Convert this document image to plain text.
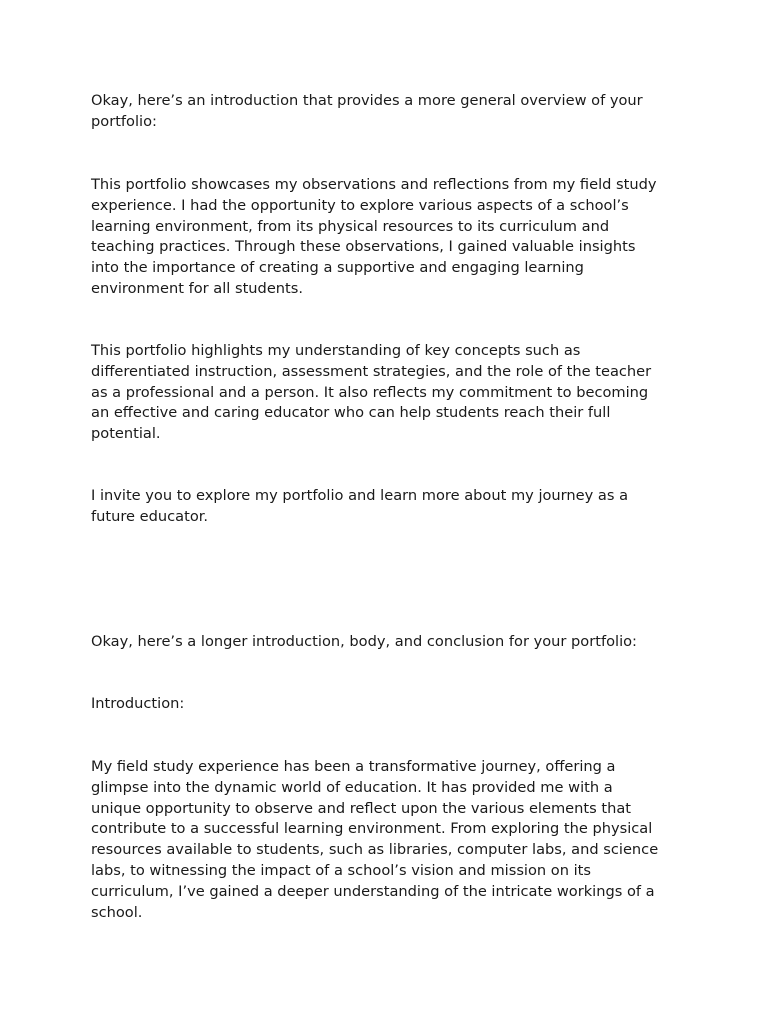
Okay, here’s an introduction that provides a more general overview of your
portfolio:

This portfolio showcases my observations and reflections from my field study
experience. I had the opportunity to explore various aspects of a school’s
learning environment, from its physical resources to its curriculum and
teaching practices. Through these observations, I gained valuable insights
into the importance of creating a supportive and engaging learning
environment for all students.

This portfolio highlights my understanding of key concepts such as
differentiated instruction, assessment strategies, and the role of the teacher
as a professional and a person. It also reflects my commitment to becoming
an effective and caring educator who can help students reach their full
potential.

I invite you to explore my portfolio and learn more about my journey as a
future educator.

Okay, here’s a longer introduction, body, and conclusion for your portfolio:

Introduction:

My field study experience has been a transformative journey, offering a
glimpse into the dynamic world of education. It has provided me with a
unique opportunity to observe and reflect upon the various elements that
contribute to a successful learning environment. From exploring the physical
resources available to students, such as libraries, computer labs, and science
labs, to witnessing the impact of a school’s vision and mission on its
curriculum, I’ve gained a deeper understanding of the intricate workings of a
school.
